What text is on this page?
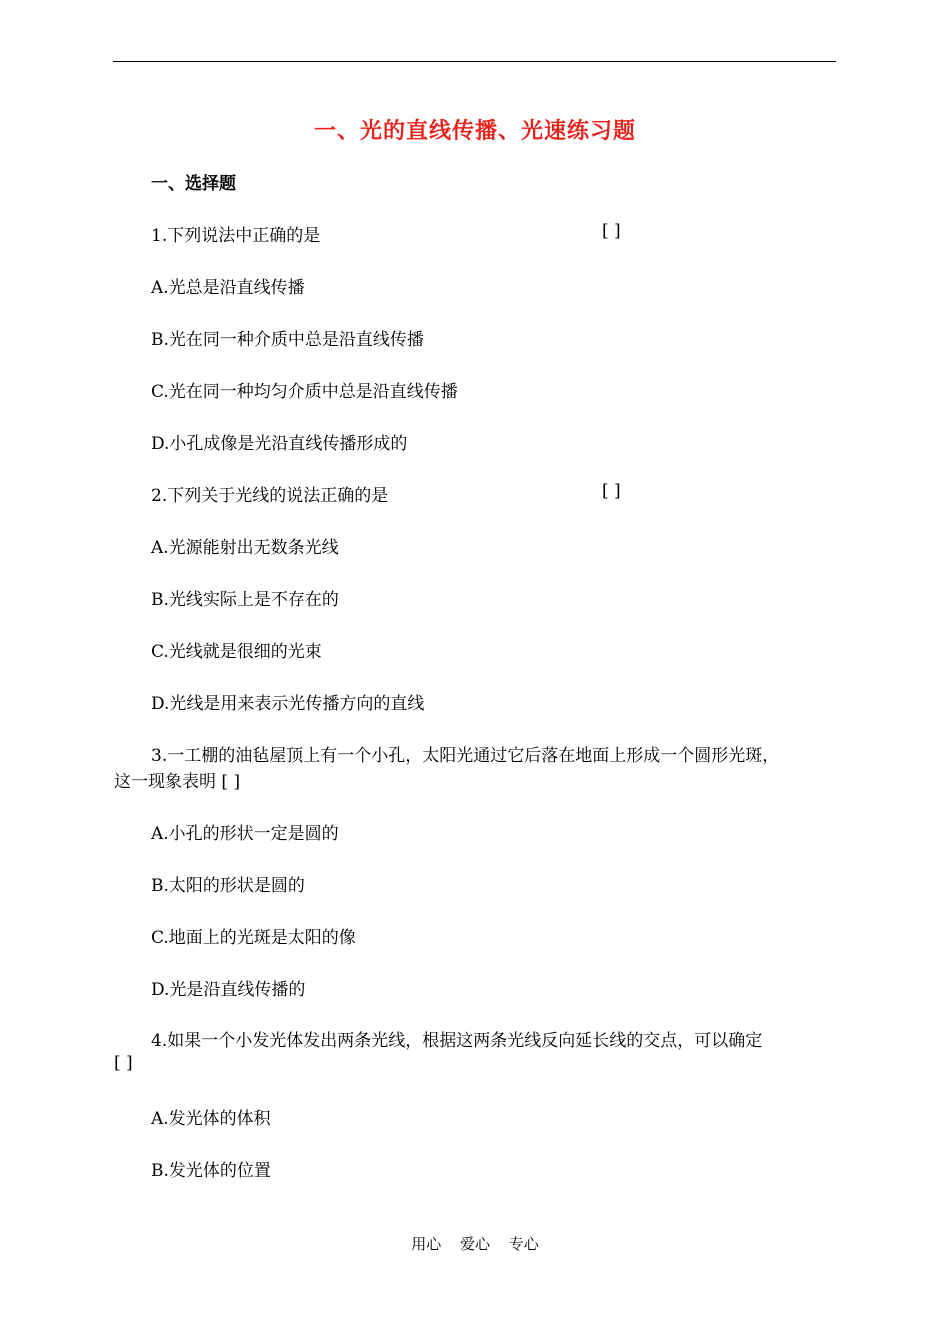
一、光的直线传播、光速练习题
一、选择题
1.下列说法中正确的是	[ ]
A.光总是沿直线传播
B.光在同一种介质中总是沿直线传播
C.光在同一种均匀介质中总是沿直线传播
D.小孔成像是光沿直线传播形成的
2.下列关于光线的说法正确的是	[ ]
A.光源能射出无数条光线
B.光线实际上是不存在的
C.光线就是很细的光束
D.光线是用来表示光传播方向的直线
3.一工棚的油毡屋顶上有一个小孔，太阳光通过它后落在地面上形成一个圆形光斑，
这一现象表明 [ ]
A.小孔的形状一定是圆的
B.太阳的形状是圆的
C.地面上的光斑是太阳的像
D.光是沿直线传播的
4.如果一个小发光体发出两条光线，根据这两条光线反向延长线的交点，可以确定
[ ]
A.发光体的体积
B.发光体的位置
用心 爱心 专心
